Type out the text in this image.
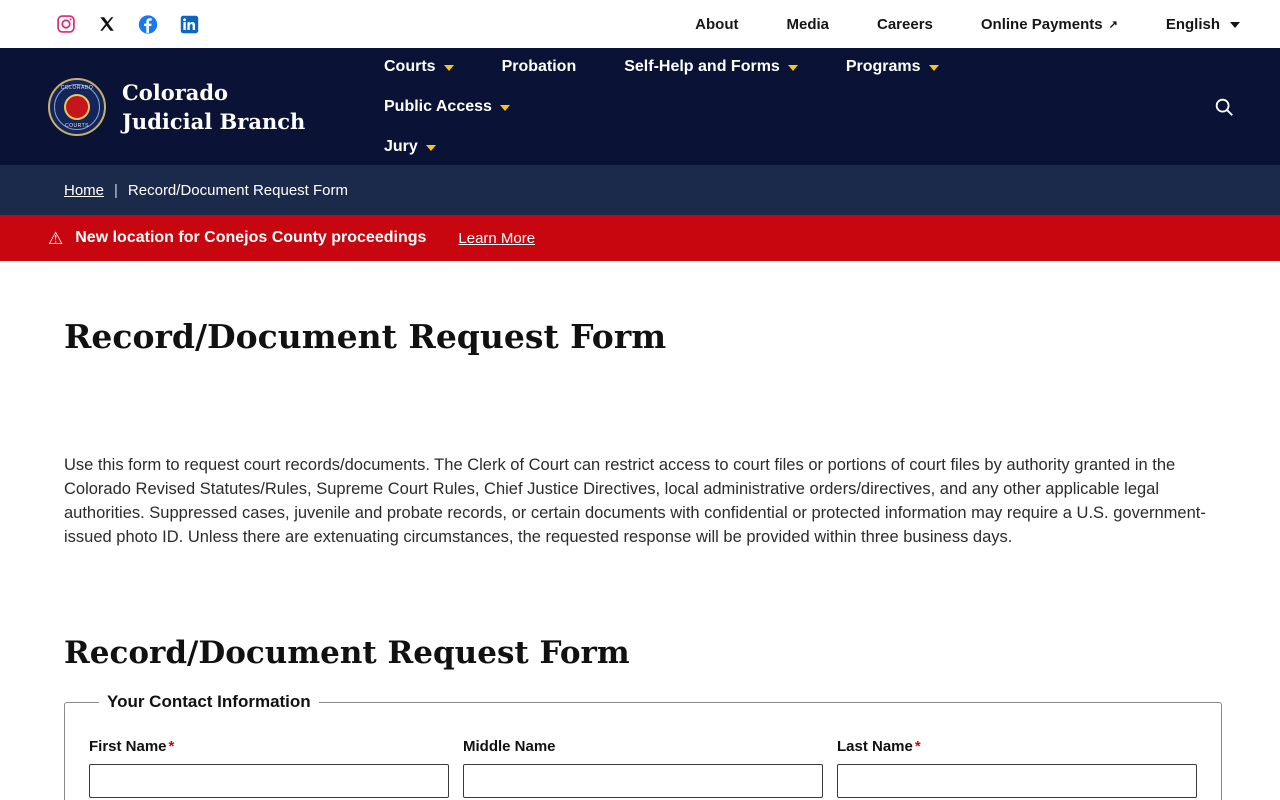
About	Media	Careers	Online Payments ↗︎	English
COLORADO
COURTS
Colorado Judicial Branch
Courts	Probation	Self-Help and Forms	Programs
Public Access
Jury
Home | Record/Document Request Form
⚠︎ New location for Conejos County proceedings Learn More
Record/Document Request Form

Use this form to request court records/documents. The Clerk of Court can restrict access to court files or portions of court files by authority granted in the Colorado Revised Statutes/Rules, Supreme Court Rules, Chief Justice Directives, local administrative orders/directives, and any other applicable legal authorities. Suppressed cases, juvenile and probate records, or certain documents with confidential or protected information may require a U.S. government-issued photo ID. Unless there are extenuating circumstances, the requested response will be provided within three business days.

Record/Document Request Form
Your Contact Information
First Name *	Middle Name	Last Name *
